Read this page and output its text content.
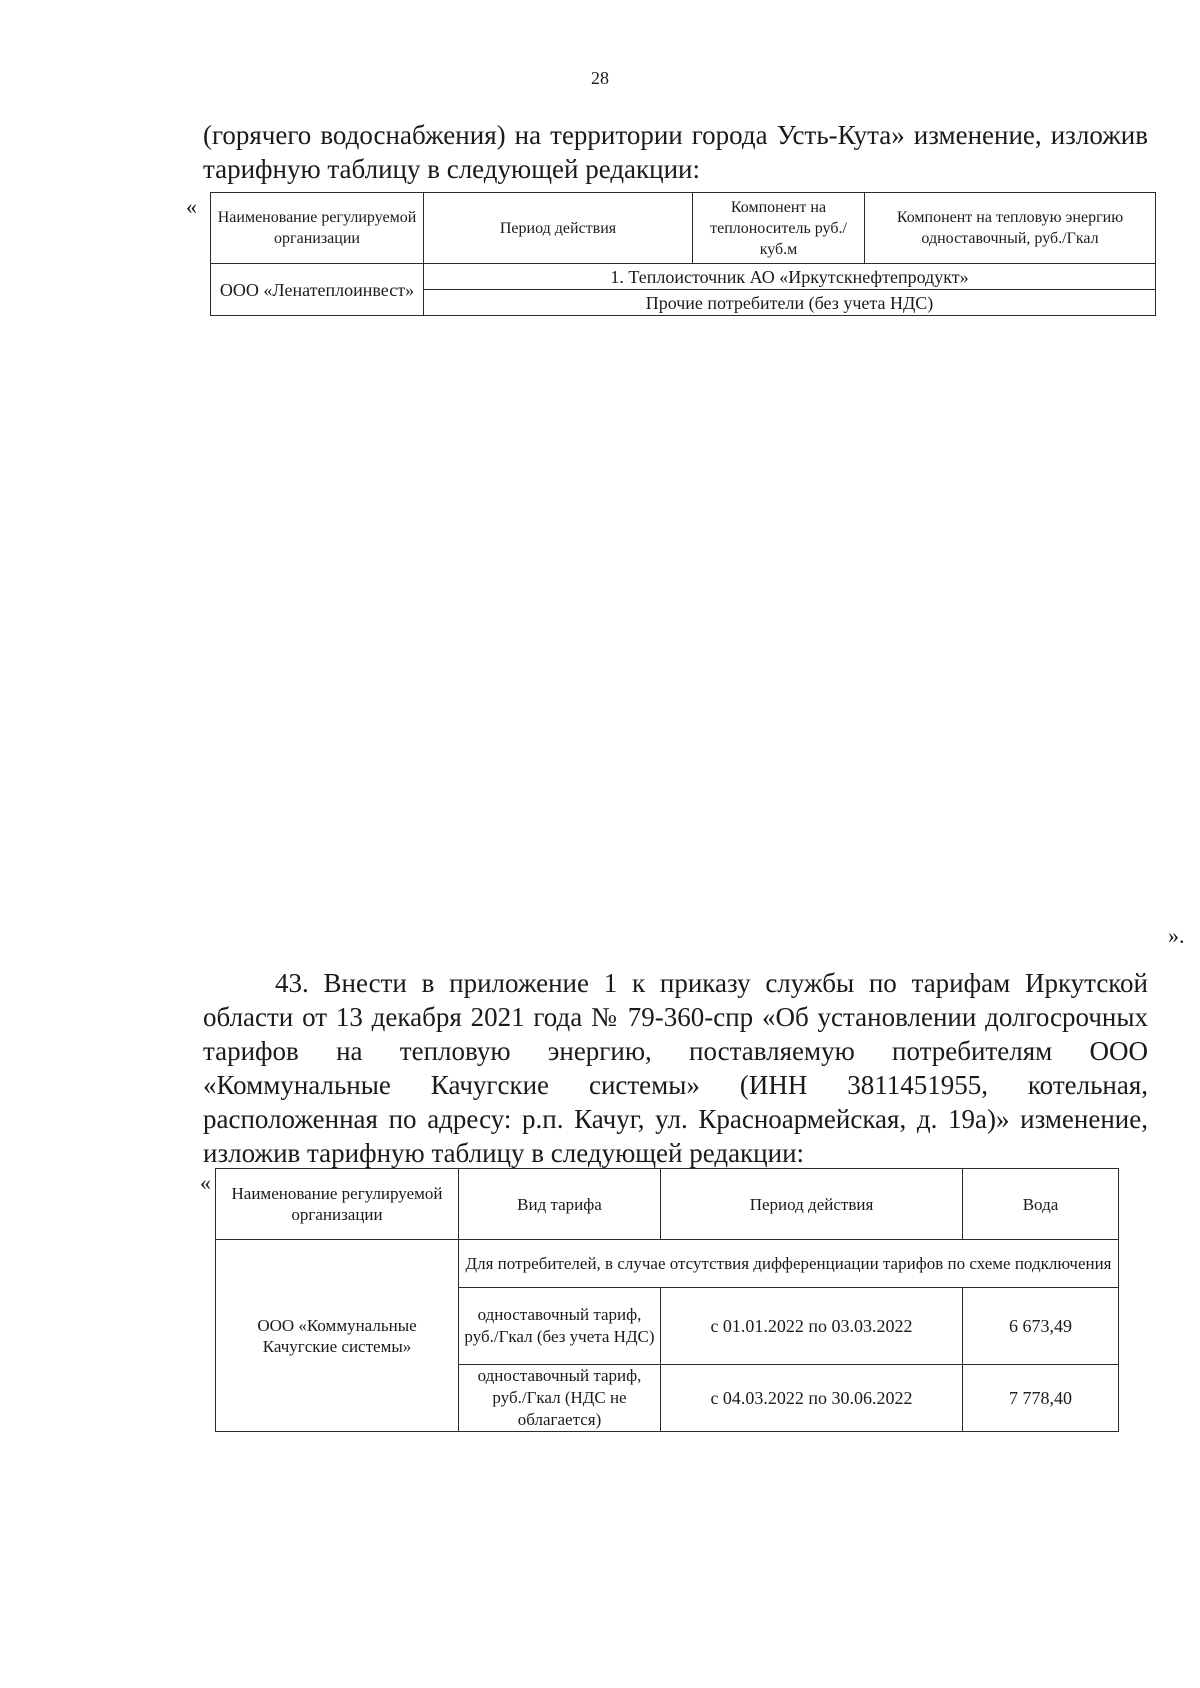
28
(горячего водоснабжения) на территории города Усть-Кута» изменение, изложив тарифную таблицу в следующей редакции:
« Наименование регулируемой организации	Период действия	Компонент на теплоноситель руб./куб.м	Компонент на тепловую энергию одноставочный, руб./Гкал
ООО «Ленатеплоинвест»	1. Теплоисточник АО «Иркутскнефтепродукт»		
	Прочие потребители (без учета НДС)		
».
43. Внести в приложение 1 к приказу службы по тарифам Иркутской области от 13 декабря 2021 года № 79-360-спр «Об установлении долгосрочных тарифов на тепловую энергию, поставляемую потребителям ООО «Коммунальные Качугские системы» (ИНН 3811451955, котельная, расположенная по адресу: р.п. Качуг, ул. Красноармейская, д. 19а)» изменение, изложив тарифную таблицу в следующей редакции:
« Наименование регулируемой организации	Вид тарифа	Период действия	Вода
ООО «Коммунальные Качугские системы»	Для потребителей, в случае отсутствия дифференциации тарифов по схеме подключения		
	одноставочный тариф, руб./Гкал (без учета НДС)	с 01.01.2022 по 03.03.2022	6 673,49
	одноставочный тариф, руб./Гкал (НДС не облагается)	с 04.03.2022 по 30.06.2022	7 778,40
